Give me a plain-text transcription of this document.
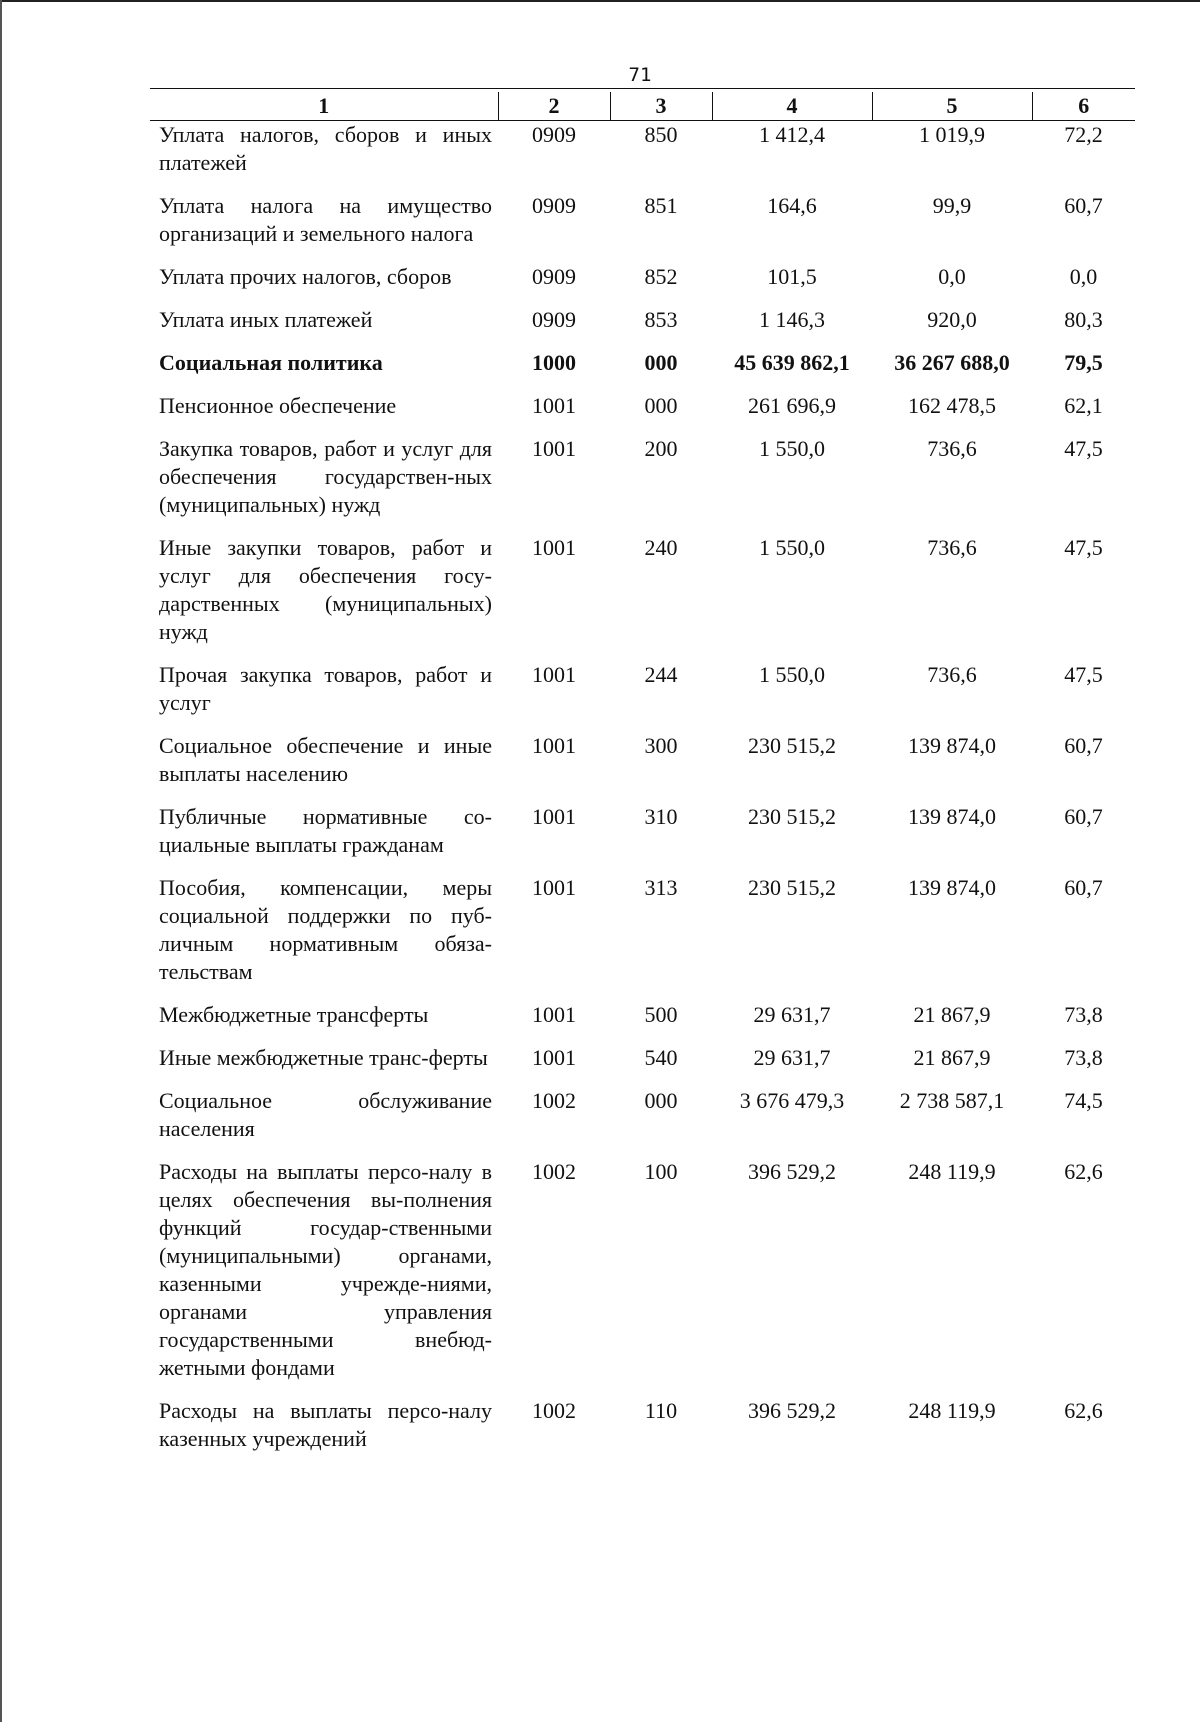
71
1	2	3	4	5	6
Уплата налогов, сборов и иных платежей	0909	850	1 412,4	1 019,9	72,2
Уплата налога на имущество организаций и земельного налога	0909	851	164,6	99,9	60,7
Уплата прочих налогов, сборов	0909	852	101,5	0,0	0,0
Уплата иных платежей	0909	853	1 146,3	920,0	80,3
Социальная политика	1000	000	45 639 862,1	36 267 688,0	79,5
Пенсионное обеспечение	1001	000	261 696,9	162 478,5	62,1
Закупка товаров, работ и услуг для обеспечения государствен-ных (муниципальных) нужд	1001	200	1 550,0	736,6	47,5
Иные закупки товаров, работ и услуг для обеспечения госу-дарственных (муниципальных) нужд	1001	240	1 550,0	736,6	47,5
Прочая закупка товаров, работ и услуг	1001	244	1 550,0	736,6	47,5
Социальное обеспечение и иные выплаты населению	1001	300	230 515,2	139 874,0	60,7
Публичные нормативные со-циальные выплаты гражданам	1001	310	230 515,2	139 874,0	60,7
Пособия, компенсации, меры социальной поддержки по пуб-личным нормативным обяза-тельствам	1001	313	230 515,2	139 874,0	60,7
Межбюджетные трансферты	1001	500	29 631,7	21 867,9	73,8
Иные межбюджетные транс-ферты	1001	540	29 631,7	21 867,9	73,8
Социальное обслуживание населения	1002	000	3 676 479,3	2 738 587,1	74,5
Расходы на выплаты персо-налу в целях обеспечения вы-полнения функций государ-ственными (муниципальными) органами, казенными учрежде-ниями, органами управления государственными внебюд-жетными фондами	1002	100	396 529,2	248 119,9	62,6
Расходы на выплаты персо-налу казенных учреждений	1002	110	396 529,2	248 119,9	62,6
